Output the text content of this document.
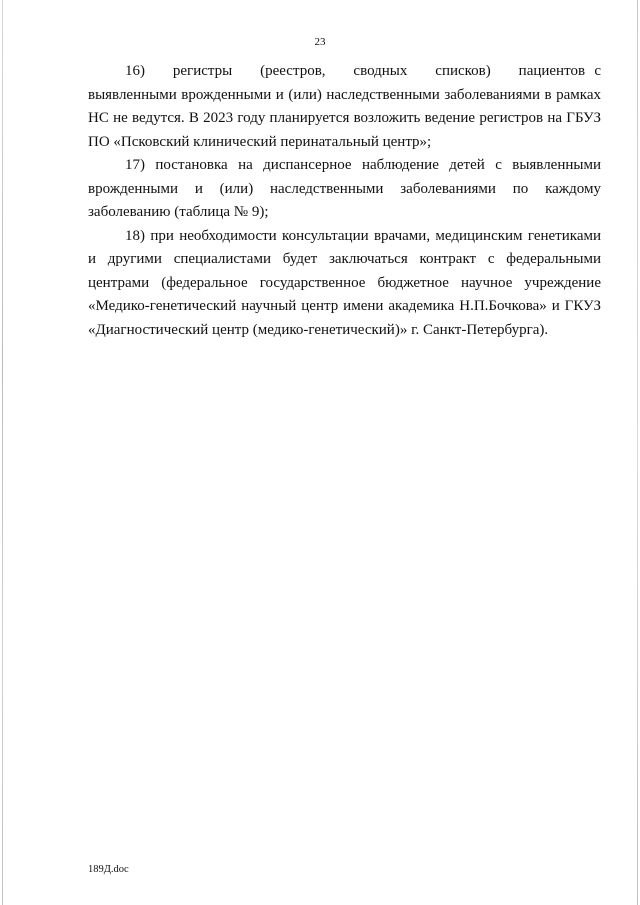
23

16)   регистры   (реестров,   сводных   списков)   пациентов с выявленными врожденными и (или) наследственными заболеваниями в рамках НС не ведутся. В 2023 году планируется возложить ведение регистров на ГБУЗ ПО «Псковский клинический перинатальный центр»;

17) постановка на диспансерное наблюдение детей с выявленными врожденными и (или) наследственными заболеваниями по каждому заболеванию (таблица № 9);

18) при необходимости консультации врачами, медицинским генетиками и другими специалистами будет заключаться контракт с федеральными центрами (федеральное государственное бюджетное научное учреждение «Медико-генетический научный центр имени академика Н.П.Бочкова» и ГКУЗ «Диагностический центр (медико-генетический)» г. Санкт-Петербурга).

189Д.doc
